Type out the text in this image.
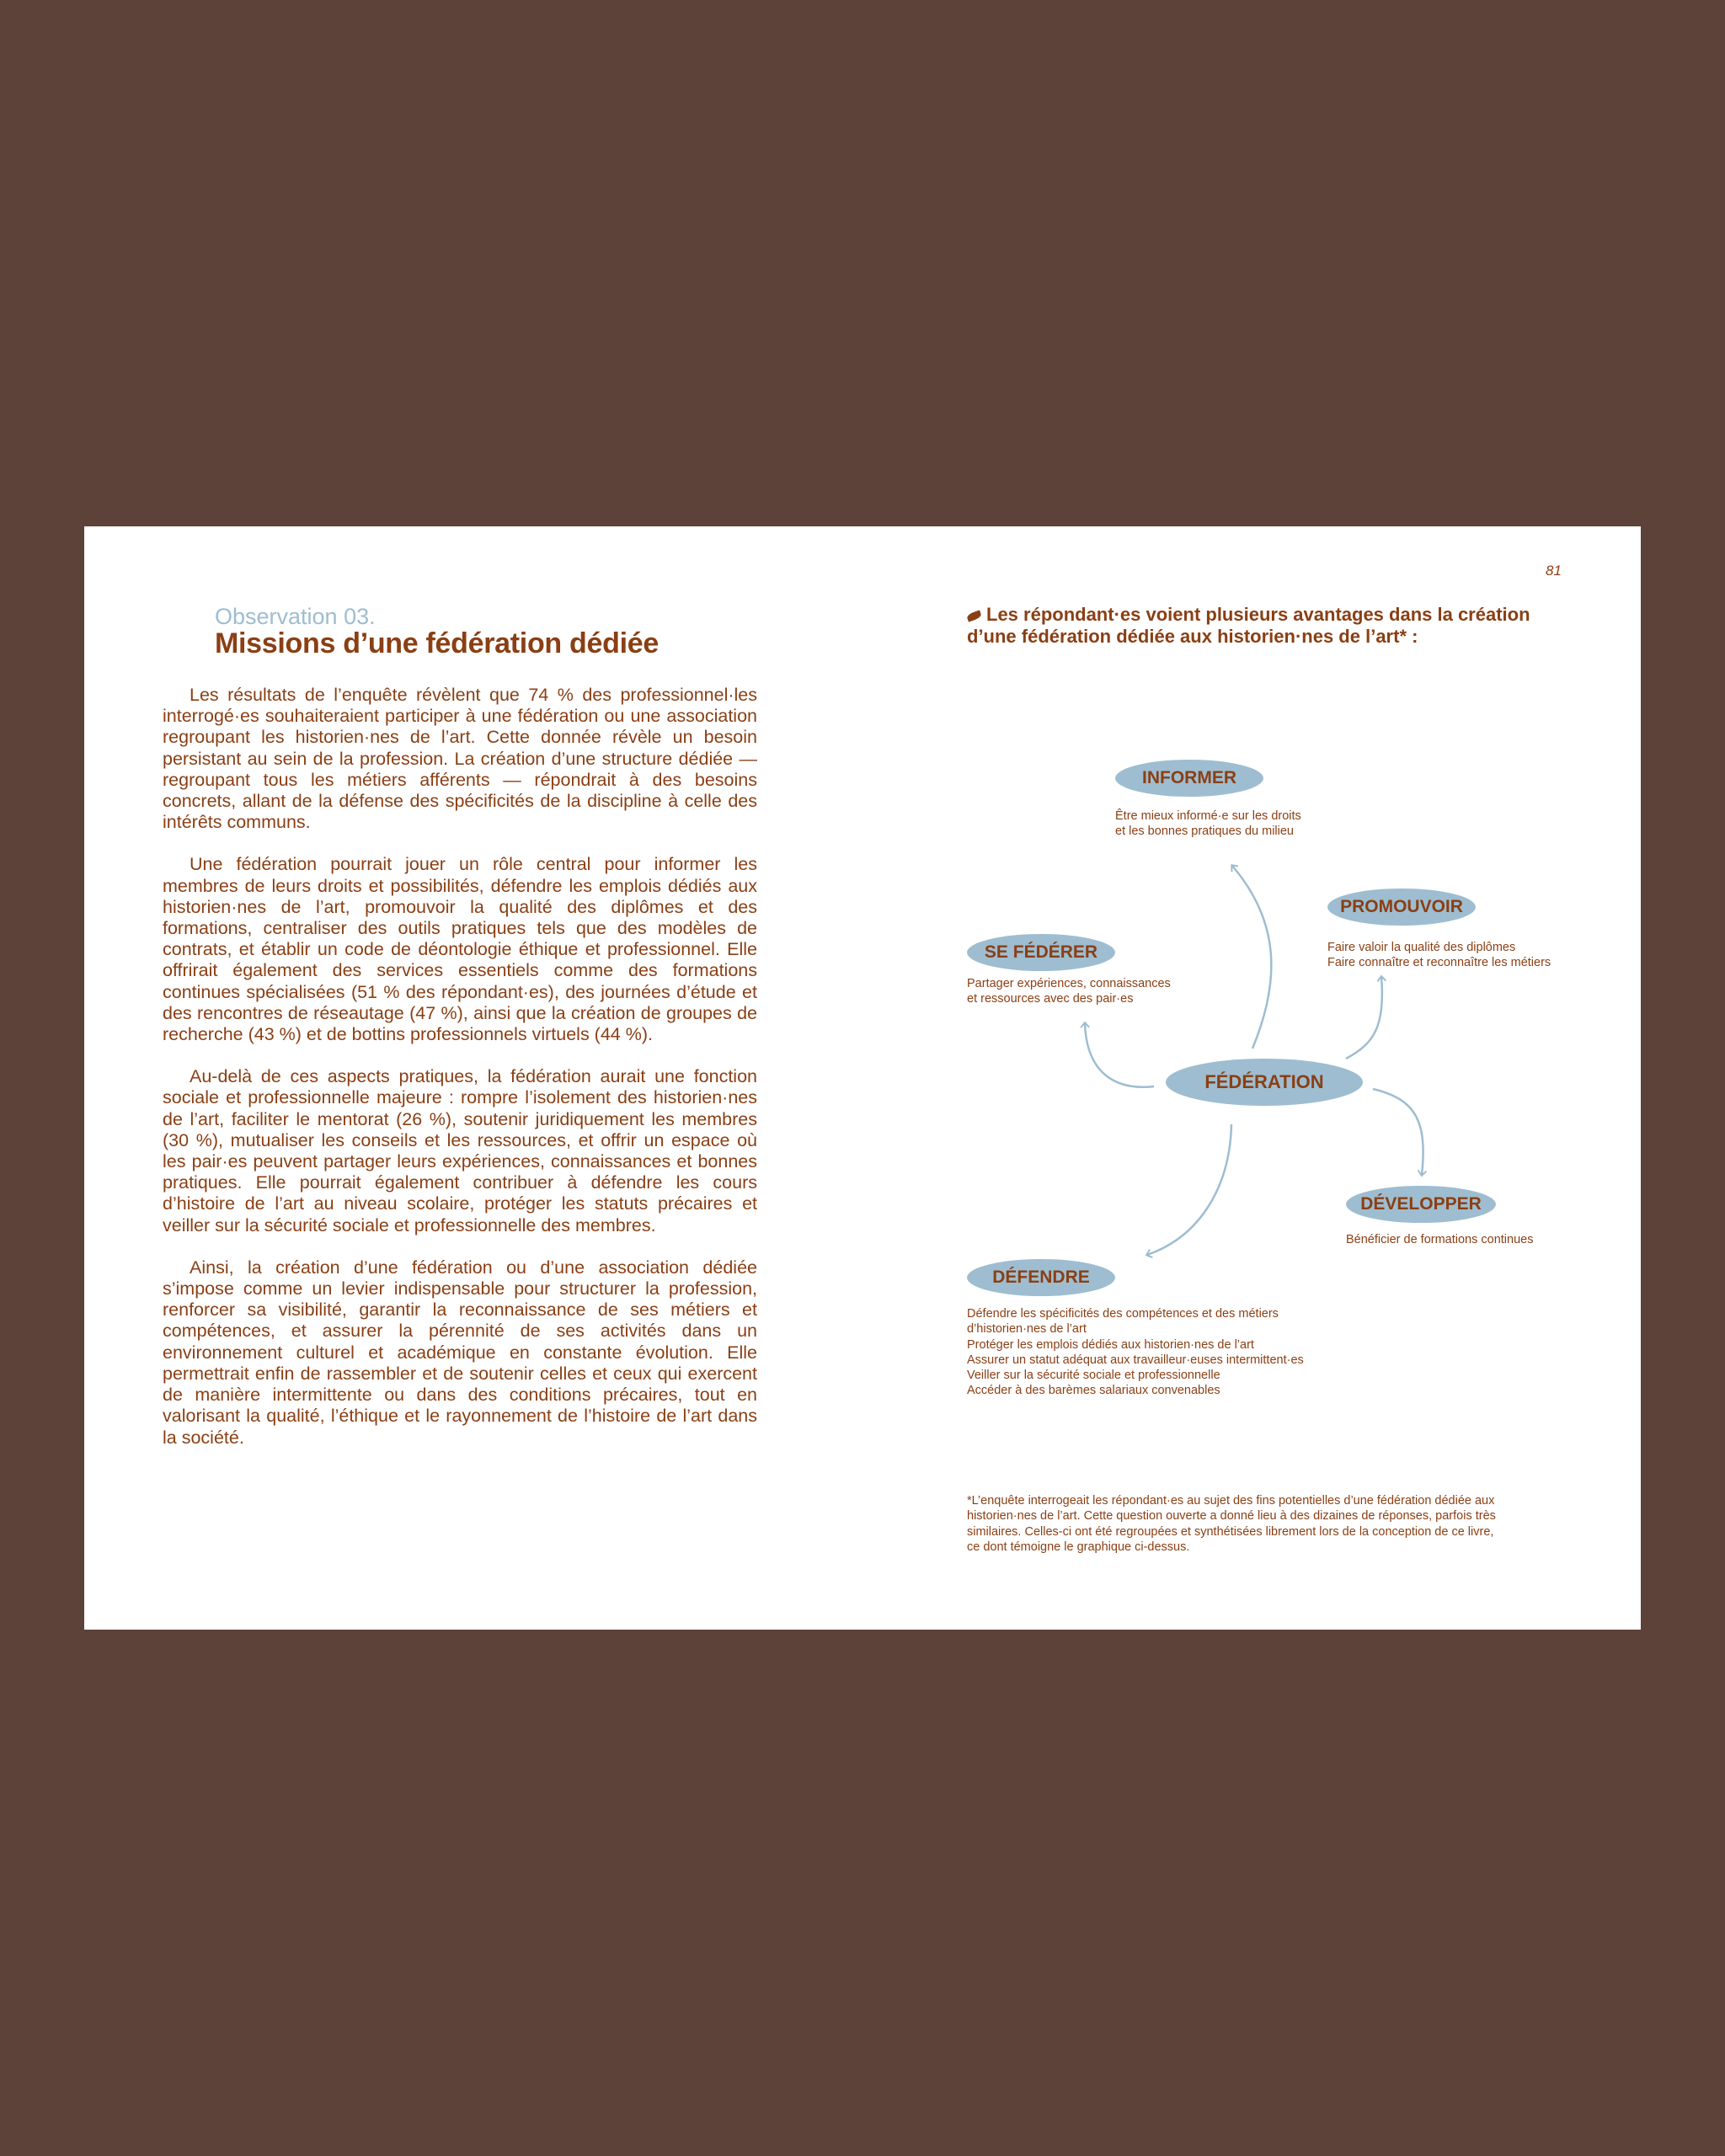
81
Observation 03.
Missions d’une fédération dédiée

Les résultats de l’enquête révèlent que 74 % des professionnel·les interrogé·es souhaiteraient participer à une fédération ou une association regroupant les historien·nes de l’art. Cette donnée révèle un besoin persistant au sein de la profession. La création d’une structure dédiée — regroupant tous les métiers afférents — répondrait à des besoins concrets, allant de la défense des spécificités de la discipline à celle des intérêts communs.

Une fédération pourrait jouer un rôle central pour informer les membres de leurs droits et possibilités, défendre les emplois dédiés aux historien·nes de l’art, promouvoir la qualité des diplômes et des formations, centraliser des outils pratiques tels que des modèles de contrats, et établir un code de déontologie éthique et professionnel. Elle offrirait également des services essentiels comme des formations continues spécialisées (51 % des répondant·es), des journées d’étude et des rencontres de réseautage (47 %), ainsi que la création de groupes de recherche (43 %) et de bottins professionnels virtuels (44 %).

Au-delà de ces aspects pratiques, la fédération aurait une fonction sociale et professionnelle majeure : rompre l’isolement des historien·nes de l’art, faciliter le mentorat (26 %), soutenir juridiquement les membres (30 %), mutualiser les conseils et les ressources, et offrir un espace où les pair·es peuvent partager leurs expériences, connaissances et bonnes pratiques. Elle pourrait également contribuer à défendre les cours d’histoire de l’art au niveau scolaire, protéger les statuts précaires et veiller sur la sécurité sociale et professionnelle des membres.

Ainsi, la création d’une fédération ou d’une association dédiée s’impose comme un levier indispensable pour structurer la profession, renforcer sa visibilité, garantir la reconnaissance de ses métiers et compétences, et assurer la pérennité de ses activités dans un environnement culturel et académique en constante évolution. Elle permettrait enfin de rassembler et de soutenir celles et ceux qui exercent de manière intermittente ou dans des conditions précaires, tout en valorisant la qualité, l’éthique et le rayonnement de l’histoire de l’art dans la société.

Les répondant·es voient plusieurs avantages dans la création d’une fédération dédiée aux historien·nes de l’art* :
INFORMER
Être mieux informé·e sur les droits
et les bonnes pratiques du milieu
PROMOUVOIR
Faire valoir la qualité des diplômes
Faire connaître et reconnaître les métiers
SE FÉDÉRER
Partager expériences, connaissances
et ressources avec des pair·es
FÉDÉRATION
DÉVELOPPER
Bénéficier de formations continues
DÉFENDRE
Défendre les spécificités des compétences et des métiers
d’historien·nes de l’art
Protéger les emplois dédiés aux historien·nes de l’art
Assurer un statut adéquat aux travailleur·euses intermittent·es
Veiller sur la sécurité sociale et professionnelle
Accéder à des barèmes salariaux convenables
*L’enquête interrogeait les répondant·es au sujet des fins potentielles d’une fédération dédiée aux
historien·nes de l’art. Cette question ouverte a donné lieu à des dizaines de réponses, parfois très
similaires. Celles-ci ont été regroupées et synthétisées librement lors de la conception de ce livre,
ce dont témoigne le graphique ci-dessus.
